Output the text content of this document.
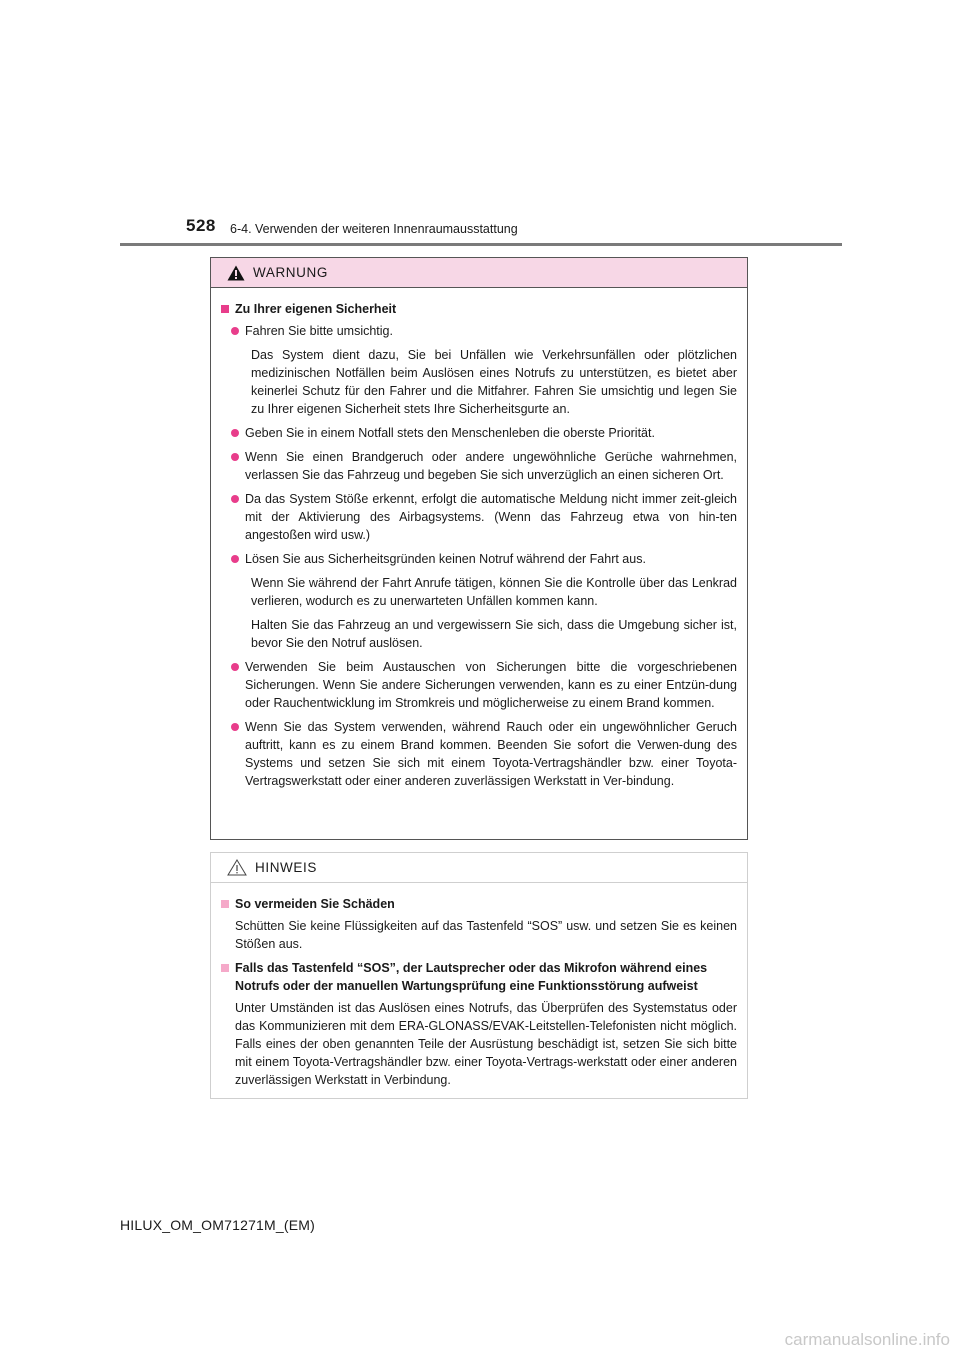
528 6-4. Verwenden der weiteren Innenraumausstattung
WARNUNG
Zu Ihrer eigenen Sicherheit
Fahren Sie bitte umsichtig.

Das System dient dazu, Sie bei Unfällen wie Verkehrsunfällen oder plötzlichen medizinischen Notfällen beim Auslösen eines Notrufs zu unterstützen, es bietet aber keinerlei Schutz für den Fahrer und die Mitfahrer. Fahren Sie umsichtig und legen Sie zu Ihrer eigenen Sicherheit stets Ihre Sicherheitsgurte an.

Geben Sie in einem Notfall stets den Menschenleben die oberste Priorität.
Wenn Sie einen Brandgeruch oder andere ungewöhnliche Gerüche wahrnehmen, verlassen Sie das Fahrzeug und begeben Sie sich unverzüglich an einen sicheren Ort.
Da das System Stöße erkennt, erfolgt die automatische Meldung nicht immer zeit-gleich mit der Aktivierung des Airbagsystems. (Wenn das Fahrzeug etwa von hin-ten angestoßen wird usw.)
Lösen Sie aus Sicherheitsgründen keinen Notruf während der Fahrt aus.

Wenn Sie während der Fahrt Anrufe tätigen, können Sie die Kontrolle über das Lenkrad verlieren, wodurch es zu unerwarteten Unfällen kommen kann.

Halten Sie das Fahrzeug an und vergewissern Sie sich, dass die Umgebung sicher ist, bevor Sie den Notruf auslösen.

Verwenden Sie beim Austauschen von Sicherungen bitte die vorgeschriebenen Sicherungen. Wenn Sie andere Sicherungen verwenden, kann es zu einer Entzün-dung oder Rauchentwicklung im Stromkreis und möglicherweise zu einem Brand kommen.
Wenn Sie das System verwenden, während Rauch oder ein ungewöhnlicher Geruch auftritt, kann es zu einem Brand kommen. Beenden Sie sofort die Verwen-dung des Systems und setzen Sie sich mit einem Toyota-Vertragshändler bzw. einer Toyota-Vertragswerkstatt oder einer anderen zuverlässigen Werkstatt in Ver-bindung.
HINWEIS
So vermeiden Sie Schäden

Schütten Sie keine Flüssigkeiten auf das Tastenfeld “SOS” usw. und setzen Sie es keinen Stößen aus.

Falls das Tastenfeld “SOS”, der Lautsprecher oder das Mikrofon während eines Notrufs oder der manuellen Wartungsprüfung eine Funktionsstörung aufweist

Unter Umständen ist das Auslösen eines Notrufs, das Überprüfen des Systemstatus oder das Kommunizieren mit dem ERA-GLONASS/EVAK-Leitstellen-Telefonisten nicht möglich. Falls eines der oben genannten Teile der Ausrüstung beschädigt ist, setzen Sie sich bitte mit einem Toyota-Vertragshändler bzw. einer Toyota-Vertrags-werkstatt oder einer anderen zuverlässigen Werkstatt in Verbindung.

HILUX_OM_OM71271M_(EM)
carmanualsonline.info
